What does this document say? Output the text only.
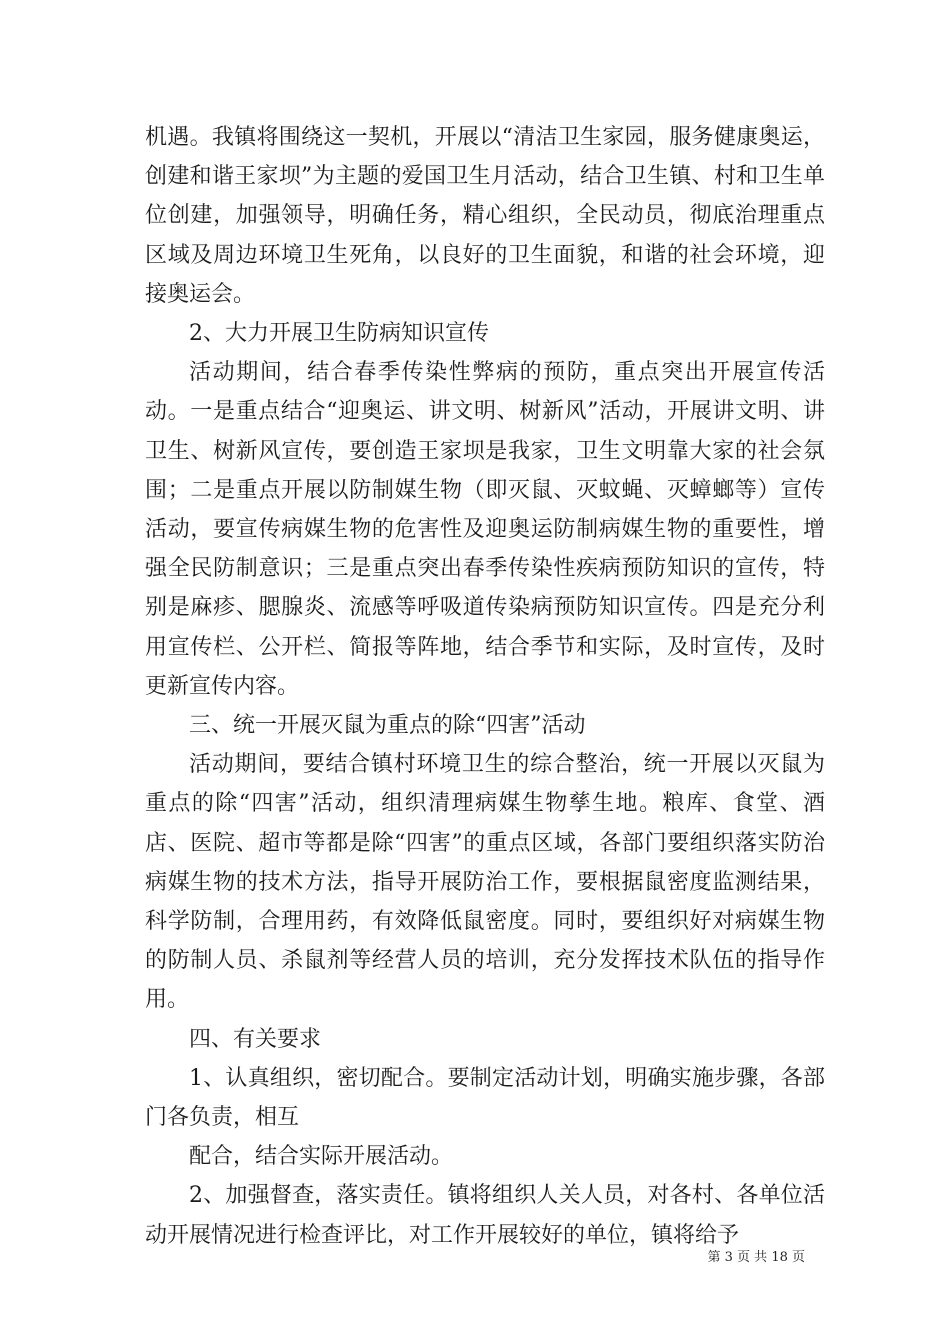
机遇。我镇将围绕这一契机，开展以“清洁卫生家园，服务健康奥运，创建和谐王家坝”为主题的爱国卫生月活动，结合卫生镇、村和卫生单位创建，加强领导，明确任务，精心组织，全民动员，彻底治理重点区域及周边环境卫生死角，以良好的卫生面貌，和谐的社会环境，迎接奥运会。

2、大力开展卫生防病知识宣传

活动期间，结合春季传染性弊病的预防，重点突出开展宣传活动。一是重点结合“迎奥运、讲文明、树新风”活动，开展讲文明、讲卫生、树新风宣传，要创造王家坝是我家，卫生文明靠大家的社会氛围；二是重点开展以防制媒生物（即灭鼠、灭蚊蝇、灭蟑螂等）宣传活动，要宣传病媒生物的危害性及迎奥运防制病媒生物的重要性，增强全民防制意识；三是重点突出春季传染性疾病预防知识的宣传，特别是麻疹、腮腺炎、流感等呼吸道传染病预防知识宣传。四是充分利用宣传栏、公开栏、简报等阵地，结合季节和实际，及时宣传，及时更新宣传内容。

三、统一开展灭鼠为重点的除“四害”活动

活动期间，要结合镇村环境卫生的综合整治，统一开展以灭鼠为重点的除“四害”活动，组织清理病媒生物孳生地。粮库、食堂、酒店、医院、超市等都是除“四害”的重点区域，各部门要组织落实防治病媒生物的技术方法，指导开展防治工作，要根据鼠密度监测结果，科学防制，合理用药，有效降低鼠密度。同时，要组织好对病媒生物的防制人员、杀鼠剂等经营人员的培训，充分发挥技术队伍的指导作用。

四、有关要求

1、认真组织，密切配合。要制定活动计划，明确实施步骤，各部门各负责，相互

配合，结合实际开展活动。

2、加强督查，落实责任。镇将组织人关人员，对各村、各单位活动开展情况进行检查评比，对工作开展较好的单位，镇将给予

第 3 页 共 18 页
